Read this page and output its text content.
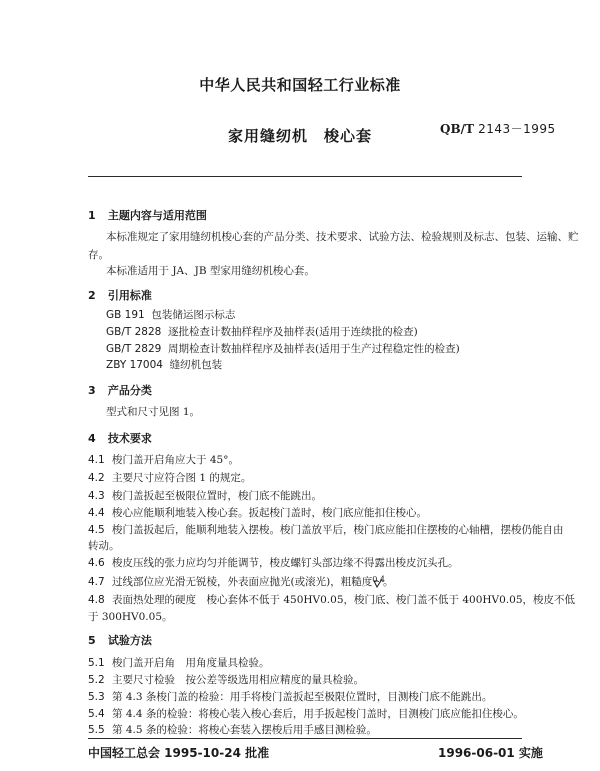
中华人民共和国轻工行业标准
家用缝纫机　梭心套	QB/T 2143－1995
1 主题内容与适用范围
本标准规定了家用缝纫机梭心套的产品分类、技术要求、试验方法、检验规则及标志、包装、运输、贮
存。
本标准适用于 JA、JB 型家用缝纫机梭心套。
2 引用标准
GB 191 包装储运图示标志
GB/T 2828 逐批检查计数抽样程序及抽样表(适用于连续批的检查)
GB/T 2829 周期检查计数抽样程序及抽样表(适用于生产过程稳定性的检查)
ZBY 17004 缝纫机包装
3 产品分类
型式和尺寸见图 1。
4 技术要求
4.1 梭门盖开启角应大于 45°。
4.2 主要尺寸应符合图 1 的规定。
4.3 梭门盖扳起至极限位置时，梭门底不能跳出。
4.4 梭心应能顺利地装入梭心套。扳起梭门盖时，梭门底应能扣住梭心。
4.5 梭门盖扳起后，能顺利地装入摆梭。梭门盖放平后，梭门底应能扣住摆梭的心轴槽，摆梭仍能自由
转动。
4.6 梭皮压线的张力应均匀并能调节，梭皮螺钉头部边缘不得露出梭皮沉头孔。
4.7 过线部位应光滑无锐棱，外表面应抛光(或滚光)，粗糙度0.4。
4.8 表面热处理的硬度　梭心套体不低于 450HV0.05，梭门底、梭门盖不低于 400HV0.05，梭皮不低
于 300HV0.05。
5 试验方法
5.1 梭门盖开启角　用角度量具检验。
5.2 主要尺寸检验　按公差等级选用相应精度的量具检验。
5.3 第 4.3 条梭门盖的检验：用手将梭门盖扳起至极限位置时，目测梭门底不能跳出。
5.4 第 4.4 条的检验：将梭心装入梭心套后，用手扳起梭门盖时，目测梭门底应能扣住梭心。
5.5 第 4.5 条的检验：将梭心套装入摆梭后用手感目测检验。
中国轻工总会 1995-10-24 批准	1996-06-01 实施
